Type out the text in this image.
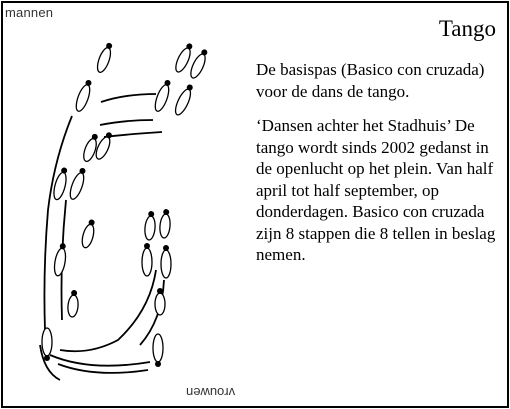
mannen
vrouwen
Tango

De basispas (Basico con cruzada) voor de dans de tango.

‘Dansen achter het Stadhuis’ De tango wordt sinds 2002 gedanst in de openlucht op het plein. Van half april tot half september, op donderdagen. Basico con cruzada zijn 8 stappen die 8 tellen in beslag nemen.
